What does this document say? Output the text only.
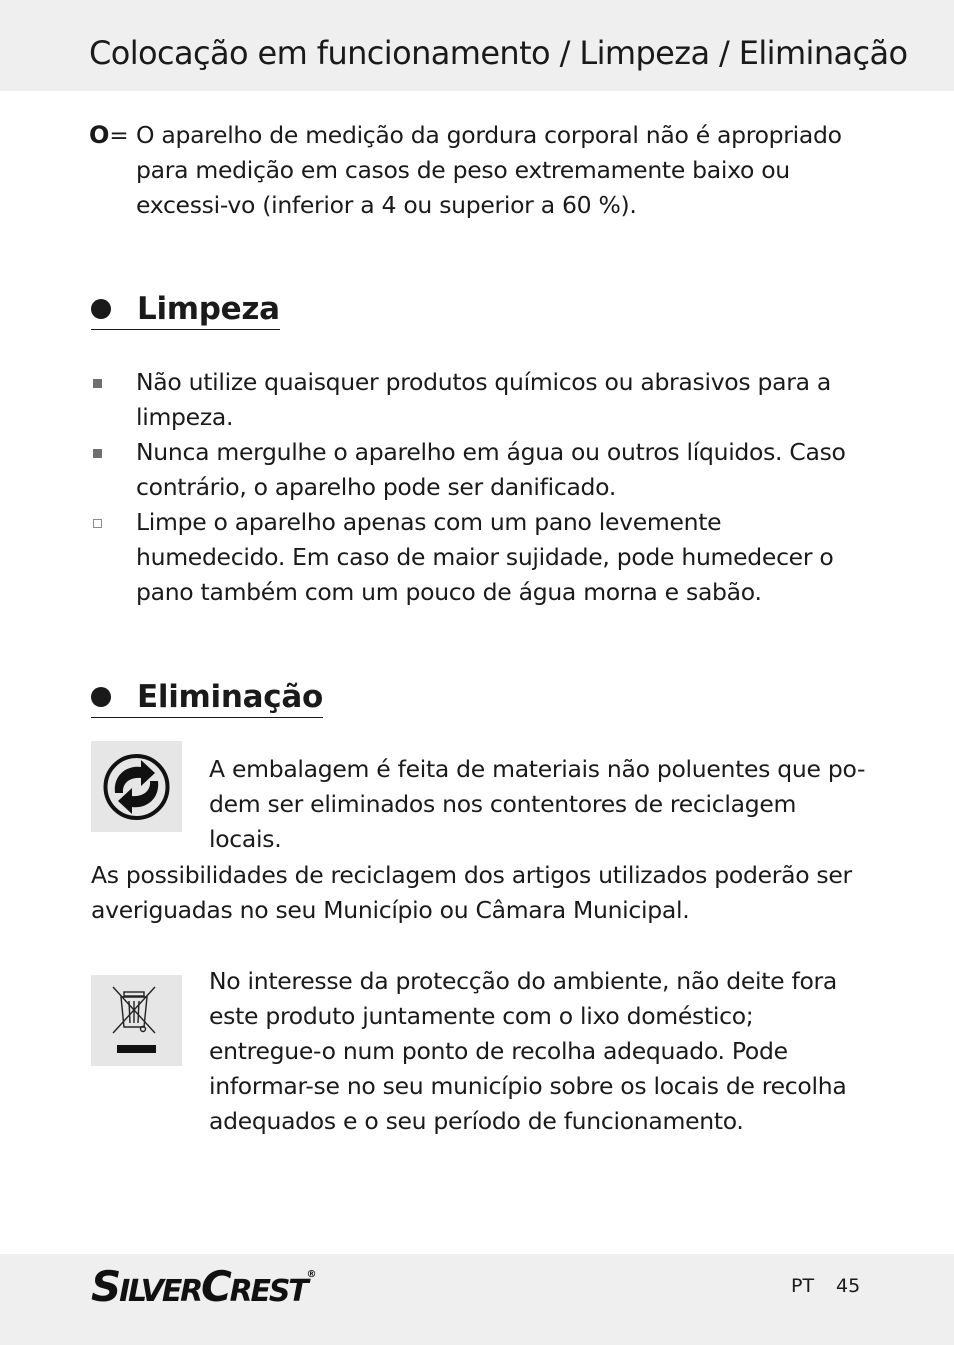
Colocação em funcionamento / Limpeza / Eliminação
O= O aparelho de medição da gordura corporal não é apropriado para medição em casos de peso extremamente baixo ou excessi-vo (inferior a 4 ou superior a 60 %).
Limpeza
Não utilize quaisquer produtos químicos ou abrasivos para a limpeza.
Nunca mergulhe o aparelho em água ou outros líquidos. Caso contrário, o aparelho pode ser danificado.
Limpe o aparelho apenas com um pano levemente humedecido. Em caso de maior sujidade, pode humedecer o pano também com um pouco de água morna e sabão.
Eliminação
A embalagem é feita de materiais não poluentes que po-dem ser eliminados nos contentores de reciclagem locais.
As possibilidades de reciclagem dos artigos utilizados poderão ser averiguadas no seu Município ou Câmara Municipal.
No interesse da protecção do ambiente, não deite fora este produto juntamente com o lixo doméstico; entregue-o num ponto de recolha adequado. Pode informar-se no seu município sobre os locais de recolha adequados e o seu período de funcionamento.
SILVERCREST®
PT 45
